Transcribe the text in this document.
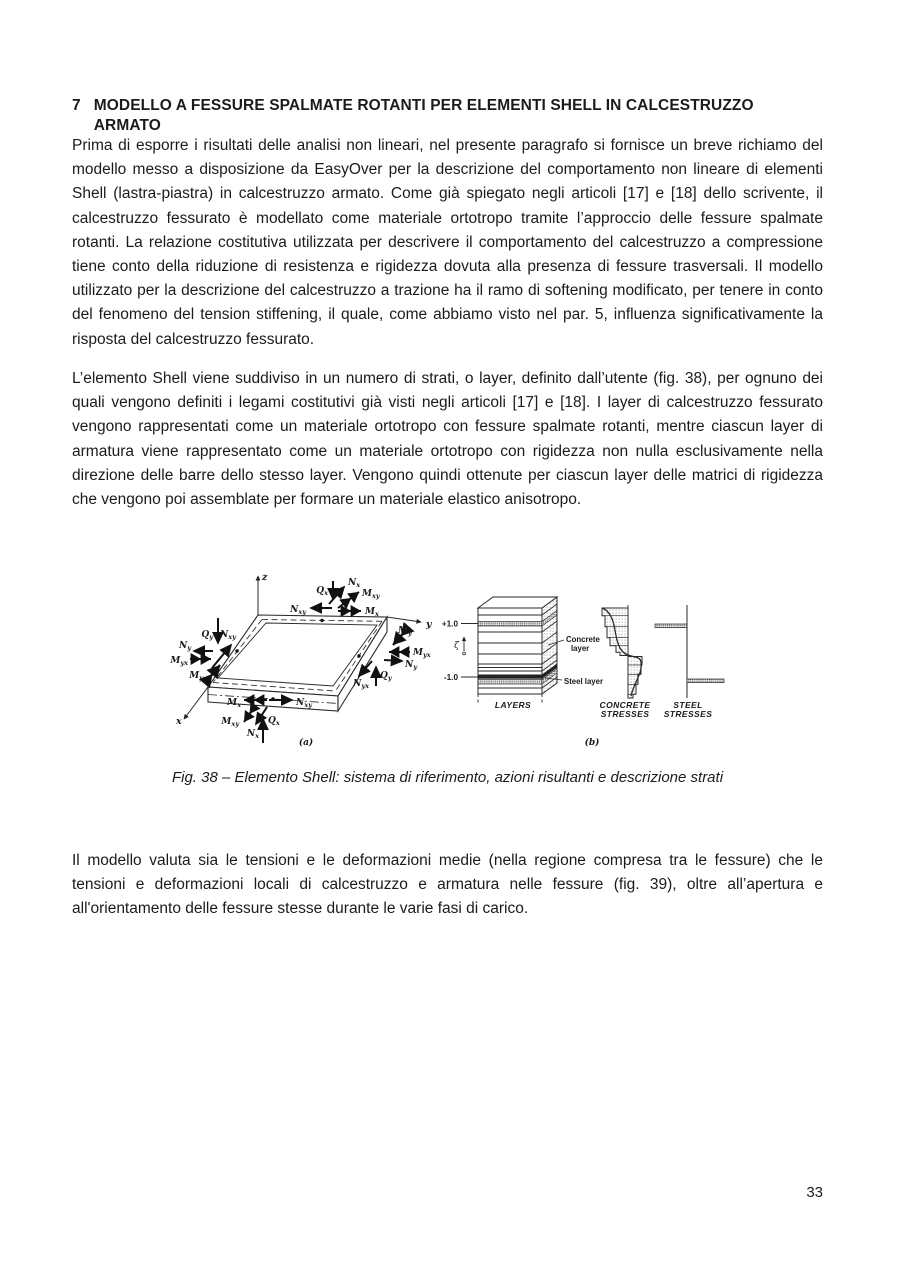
7 MODELLO A FESSURE SPALMATE ROTANTI PER ELEMENTI SHELL IN CALCESTRUZZO ARMATO

Prima di esporre i risultati delle analisi non lineari, nel presente paragrafo si fornisce un breve richiamo del modello messo a disposizione da EasyOver per la descrizione del comportamento non lineare di elementi Shell (lastra-piastra) in calcestruzzo armato. Come già spiegato negli articoli [17] e [18] dello scrivente, il calcestruzzo fessurato è modellato come materiale ortotropo tramite l’approccio delle fessure spalmate rotanti. La relazione costitutiva utilizzata per descrivere il comportamento del calcestruzzo a compressione tiene conto della riduzione di resistenza e rigidezza dovuta alla presenza di fessure trasversali. Il modello utilizzato per la descrizione del calcestruzzo a trazione ha il ramo di softening modificato, per tenere in conto del fenomeno del tension stiffening, il quale, come abbiamo visto nel par. 5, influenza significativamente la risposta del calcestruzzo fessurato.

L’elemento Shell viene suddiviso in un numero di strati, o layer, definito dall’utente (fig. 38), per ognuno dei quali vengono definiti i legami costitutivi già visti negli articoli [17] e [18]. I layer di calcestruzzo fessurato vengono rappresentati come un materiale ortotropo con fessure spalmate rotanti, mentre ciascun layer di armatura viene rappresentato come un materiale ortotropo con rigidezza non nulla esclusivamente nella direzione delle barre dello stesso layer. Vengono quindi ottenute per ciascun layer delle matrici di rigidezza che vengono poi assemblate per formare un materiale elastico anisotropo.

z
y
x
$Q_x$
$N_x$
$M_{xy}$
$N_{xy}$	$M_x$
$M_y$
$M_{yx}$
$N_y$
$Q_y$
$N_{yx}$
$Q_y$ $N_{xy}$
$N_y$
$M_{yx}$
$M_y$
$M_x$	$N_{xy}$
$M_{xy}$
$N_x$
$Q_x$
(a)
+1.0
-1.0
ζ
Concrete
layer
Steel layer
LAYERS	CONCRETE
STRESSES
STEEL
STRESSES
(b)

Fig. 38 – Elemento Shell: sistema di riferimento, azioni risultanti e descrizione strati

Il modello valuta sia le tensioni e le deformazioni medie (nella regione compresa tra le fessure) che le tensioni e deformazioni locali di calcestruzzo e armatura nelle fessure (fig. 39), oltre all’apertura e all'orientamento delle fessure stesse durante le varie fasi di carico.

33
